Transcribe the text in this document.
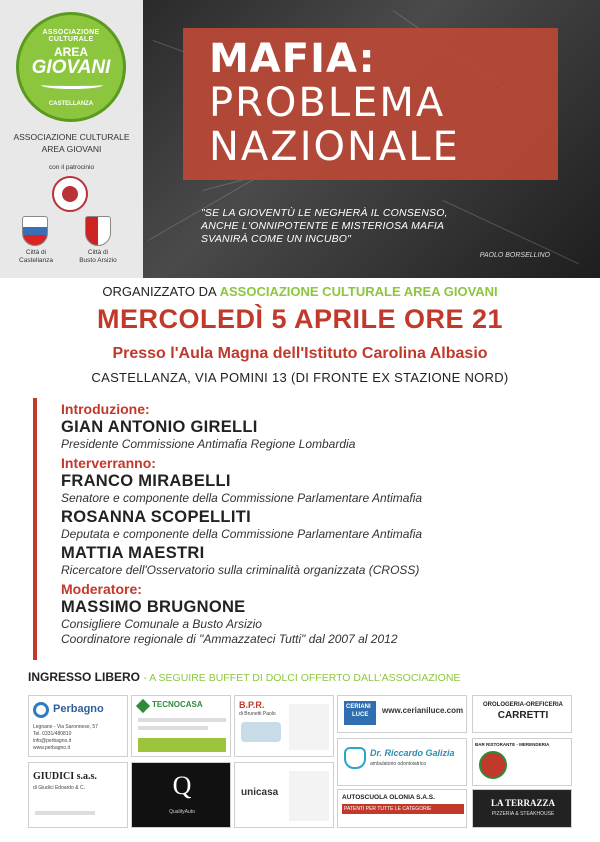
ASSOCIAZIONE CULTURALE
AREA
GIOVANI
CASTELLANZA
ASSOCIAZIONE CULTURALE
AREA GIOVANI
con il patrocinio
Città di
Castellanza
Città di
Busto Arsizio
MAFIA:
PROBLEMA
NAZIONALE
"SE LA GIOVENTÙ LE NEGHERÀ IL CONSENSO,
ANCHE L'ONNIPOTENTE E MISTERIOSA MAFIA
SVANIRÀ COME UN INCUBO"
PAOLO BORSELLINO
ORGANIZZATO DA ASSOCIAZIONE CULTURALE AREA GIOVANI
MERCOLEDÌ 5 APRILE ORE 21
Presso l'Aula Magna dell'Istituto Carolina Albasio
CASTELLANZA, VIA POMINI 13 (DI FRONTE EX STAZIONE NORD)
Introduzione:
GIAN ANTONIO GIRELLI
Presidente Commissione Antimafia Regione Lombardia
Interverranno:
FRANCO MIRABELLI
Senatore e componente della Commissione Parlamentare Antimafia
ROSANNA SCOPELLITI
Deputata e componente della Commissione Parlamentare Antimafia
MATTIA MAESTRI
Ricercatore dell'Osservatorio sulla criminalità organizzata (CROSS)
Moderatore:
MASSIMO BRUGNONE
Consigliere Comunale a Busto Arsizio
Coordinatore regionale di "Ammazzateci Tutti" dal 2007 al 2012
INGRESSO LIBERO - A SEGUIRE BUFFET DI DOLCI OFFERTO DALL'ASSOCIAZIONE
Perbagno
Legnano - Via Saronnese, 57
Tel. 0331/480810
info@perbagno.it
www.perbagno.it
TECNOCASA	B.P.R.
di Brunetti Paolo
CERIANI
LUCE www.cerianiluce.com
OROLOGERIA-OREFICERIA
CARRETTI
GIUDICI s.a.s.
di Giudici Edoardo & C.	Q
QualityAuto
unicasa
Dr. Riccardo Galizia
ambulatorio odontoiatrico
AUTOSCUOLA OLONIA S.A.S.
PATENTI PER TUTTE LE CATEGORIE
BAR RISTORANTE - MERENDERIA
LA TERRAZZA
PIZZERIA & STEAKHOUSE
